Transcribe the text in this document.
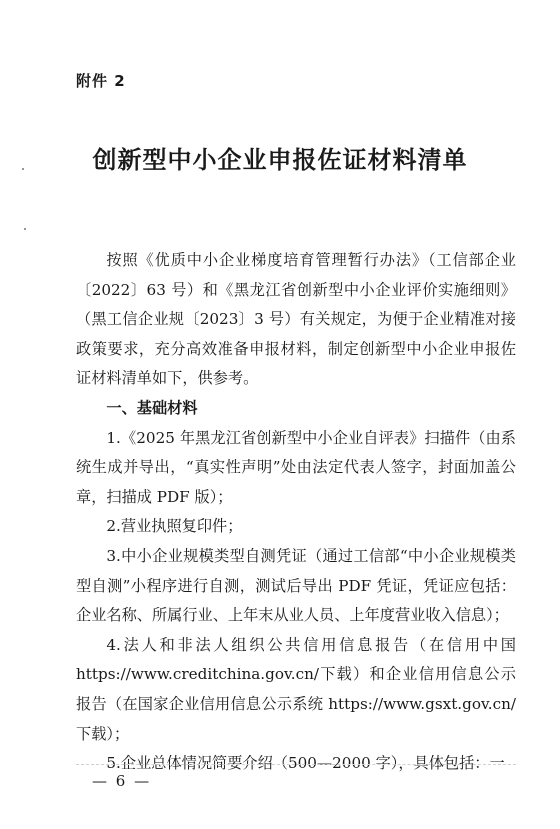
附件 2
创新型中小企业申报佐证材料清单

按照《优质中小企业梯度培育管理暂行办法》（工信部企业〔2022〕63 号）和《黑龙江省创新型中小企业评价实施细则》（黑工信企业规〔2023〕3 号）有关规定，为便于企业精准对接政策要求，充分高效准备申报材料，制定创新型中小企业申报佐证材料清单如下，供参考。

一、基础材料

1.《2025 年黑龙江省创新型中小企业自评表》扫描件（由系统生成并导出，“真实性声明”处由法定代表人签字，封面加盖公章，扫描成 PDF 版）；

2.营业执照复印件；

3.中小企业规模类型自测凭证（通过工信部“中小企业规模类型自测”小程序进行自测，测试后导出 PDF 凭证，凭证应包括：企业名称、所属行业、上年末从业人员、上年度营业收入信息）；

4.法人和非法人组织公共信用信息报告（在信用中国 https://www.creditchina.gov.cn/下载）和企业信用信息公示报告（在国家企业信用信息公示系统 https://www.gsxt.gov.cn/下载）；

5.企业总体情况简要介绍（500—2000 字），具体包括：一

— 6 —
